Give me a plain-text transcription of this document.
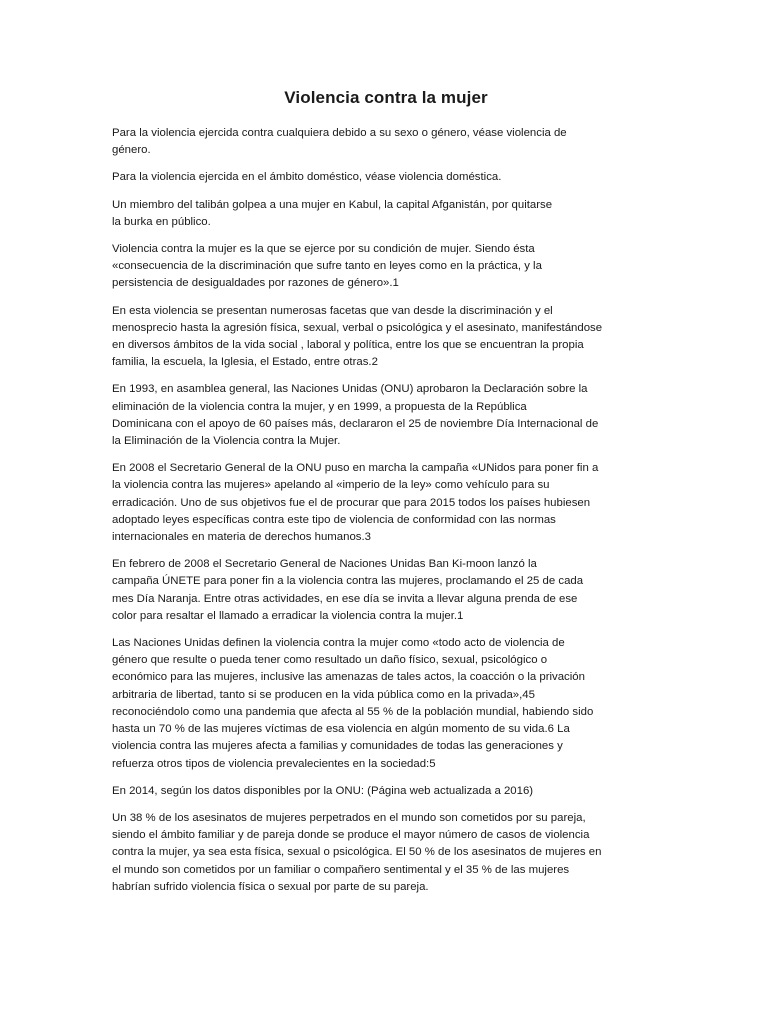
Violencia contra la mujer
Para la violencia ejercida contra cualquiera debido a su sexo o género, véase violencia de
género.
Para la violencia ejercida en el ámbito doméstico, véase violencia doméstica.
Un miembro del talibán golpea a una mujer en Kabul, la capital Afganistán, por quitarse
la burka en público.
Violencia contra la mujer es la que se ejerce por su condición de mujer. Siendo ésta
«consecuencia de la discriminación que sufre tanto en leyes como en la práctica, y la
persistencia de desigualdades por razones de género».1
En esta violencia se presentan numerosas facetas que van desde la discriminación y el
menosprecio hasta la agresión física, sexual, verbal o psicológica y el asesinato, manifestándose
en diversos ámbitos de la vida social , laboral y política, entre los que se encuentran la propia
familia, la escuela, la Iglesia, el Estado, entre otras.2
En 1993, en asamblea general, las Naciones Unidas (ONU) aprobaron la Declaración sobre la
eliminación de la violencia contra la mujer, y en 1999, a propuesta de la República
Dominicana con el apoyo de 60 países más, declararon el 25 de noviembre Día Internacional de
la Eliminación de la Violencia contra la Mujer.
En 2008 el Secretario General de la ONU puso en marcha la campaña «UNidos para poner fin a
la violencia contra las mujeres» apelando al «imperio de la ley» como vehículo para su
erradicación. Uno de sus objetivos fue el de procurar que para 2015 todos los países hubiesen
adoptado leyes específicas contra este tipo de violencia de conformidad con las normas
internacionales en materia de derechos humanos.3
En febrero de 2008 el Secretario General de Naciones Unidas Ban Ki-moon lanzó la
campaña ÚNETE para poner fin a la violencia contra las mujeres, proclamando el 25 de cada
mes Día Naranja. Entre otras actividades, en ese día se invita a llevar alguna prenda de ese
color para resaltar el llamado a erradicar la violencia contra la mujer.1
Las Naciones Unidas definen la violencia contra la mujer como «todo acto de violencia de
género que resulte o pueda tener como resultado un daño físico, sexual, psicológico o
económico para las mujeres, inclusive las amenazas de tales actos, la coacción o la privación
arbitraria de libertad, tanto si se producen en la vida pública como en la privada»,45
reconociéndolo como una pandemia que afecta al 55 % de la población mundial, habiendo sido
hasta un 70 % de las mujeres víctimas de esa violencia en algún momento de su vida.6 La
violencia contra las mujeres afecta a familias y comunidades de todas las generaciones y
refuerza otros tipos de violencia prevalecientes en la sociedad:5
En 2014, según los datos disponibles por la ONU: (Página web actualizada a 2016)
Un 38 % de los asesinatos de mujeres perpetrados en el mundo son cometidos por su pareja,
siendo el ámbito familiar y de pareja donde se produce el mayor número de casos de violencia
contra la mujer, ya sea esta física, sexual o psicológica. El 50 % de los asesinatos de mujeres en
el mundo son cometidos por un familiar o compañero sentimental y el 35 % de las mujeres
habrían sufrido violencia física o sexual por parte de su pareja.
